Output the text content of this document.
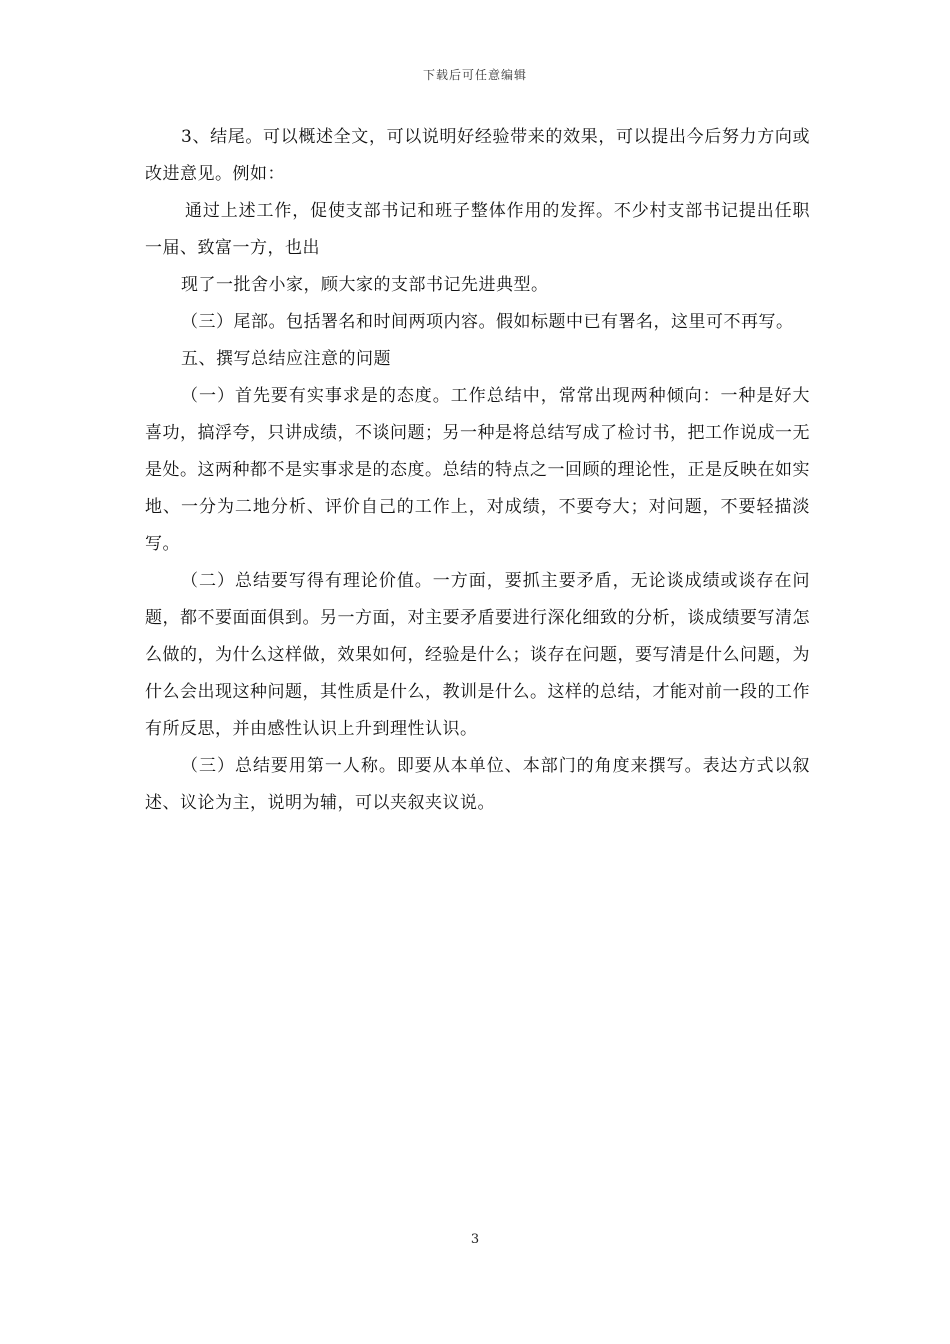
下载后可任意编辑

3、结尾。可以概述全文，可以说明好经验带来的效果，可以提出今后努力方向或改进意见。例如：

通过上述工作，促使支部书记和班子整体作用的发挥。不少村支部书记提出任职一届、致富一方，也出

现了一批舍小家，顾大家的支部书记先进典型。

（三）尾部。包括署名和时间两项内容。假如标题中已有署名，这里可不再写。

五、撰写总结应注意的问题

（一）首先要有实事求是的态度。工作总结中，常常出现两种倾向：一种是好大喜功，搞浮夸，只讲成绩，不谈问题；另一种是将总结写成了检讨书，把工作说成一无是处。这两种都不是实事求是的态度。总结的特点之一回顾的理论性，正是反映在如实地、一分为二地分析、评价自己的工作上，对成绩，不要夸大；对问题，不要轻描淡写。

（二）总结要写得有理论价值。一方面，要抓主要矛盾，无论谈成绩或谈存在问题，都不要面面俱到。另一方面，对主要矛盾要进行深化细致的分析，谈成绩要写清怎么做的，为什么这样做，效果如何，经验是什么；谈存在问题，要写清是什么问题，为什么会出现这种问题，其性质是什么，教训是什么。这样的总结，才能对前一段的工作有所反思，并由感性认识上升到理性认识。

（三）总结要用第一人称。即要从本单位、本部门的角度来撰写。表达方式以叙述、议论为主，说明为辅，可以夹叙夹议说。

3
